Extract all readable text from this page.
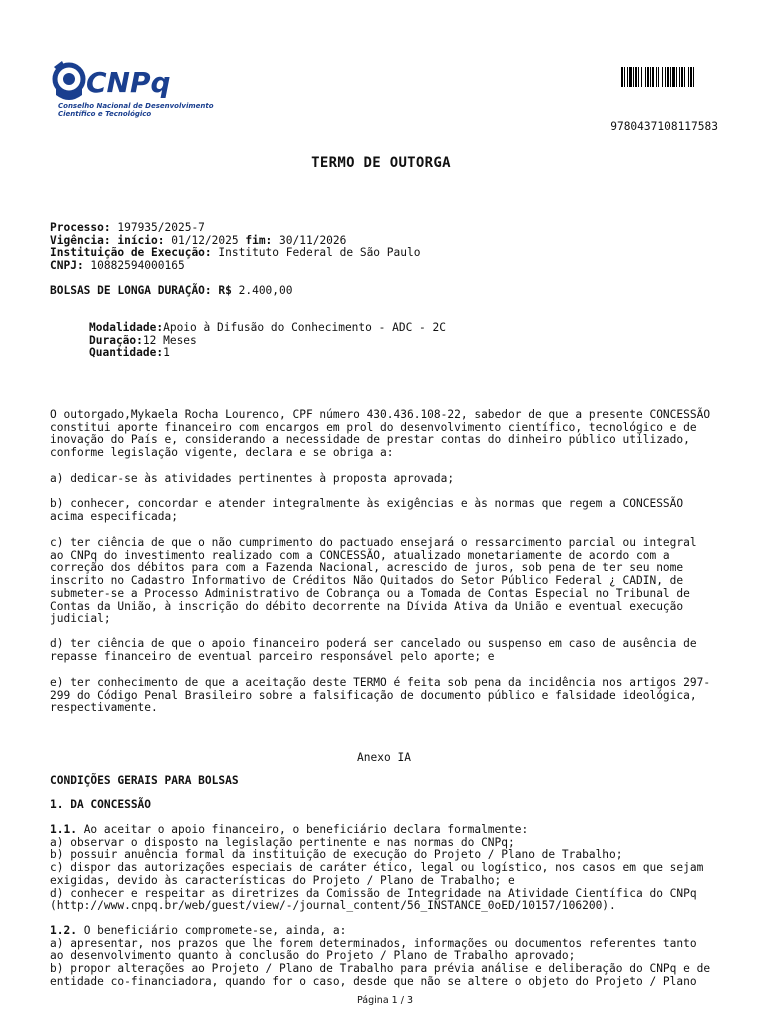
CNPq
Conselho Nacional de Desenvolvimento
Científico e Tecnológico
9780437108117583
TERMO DE OUTORGA
Processo: 197935/2025-7
Vigência: início: 01/12/2025 fim: 30/11/2026
Instituição de Execução: Instituto Federal de São Paulo
CNPJ: 10882594000165
BOLSAS DE LONGA DURAÇÃO: R$ 2.400,00
Modalidade:Apoio à Difusão do Conhecimento - ADC - 2C
Duração:12 Meses
Quantidade:1
O outorgado,Mykaela Rocha Lourenco, CPF número 430.436.108-22, sabedor de que a presente CONCESSÃO
constitui aporte financeiro com encargos em prol do desenvolvimento científico, tecnológico e de
inovação do País e, considerando a necessidade de prestar contas do dinheiro público utilizado,
conforme legislação vigente, declara e se obriga a:
a) dedicar-se às atividades pertinentes à proposta aprovada;
b) conhecer, concordar e atender integralmente às exigências e às normas que regem a CONCESSÃO
acima especificada;
c) ter ciência de que o não cumprimento do pactuado ensejará o ressarcimento parcial ou integral
ao CNPq do investimento realizado com a CONCESSÃO, atualizado monetariamente de acordo com a
correção dos débitos para com a Fazenda Nacional, acrescido de juros, sob pena de ter seu nome
inscrito no Cadastro Informativo de Créditos Não Quitados do Setor Público Federal ¿ CADIN, de
submeter-se a Processo Administrativo de Cobrança ou a Tomada de Contas Especial no Tribunal de
Contas da União, à inscrição do débito decorrente na Dívida Ativa da União e eventual execução
judicial;
d) ter ciência de que o apoio financeiro poderá ser cancelado ou suspenso em caso de ausência de
repasse financeiro de eventual parceiro responsável pelo aporte; e
e) ter conhecimento de que a aceitação deste TERMO é feita sob pena da incidência nos artigos 297-
299 do Código Penal Brasileiro sobre a falsificação de documento público e falsidade ideológica,
respectivamente.
Anexo IA
CONDIÇÕES GERAIS PARA BOLSAS
1. DA CONCESSÃO
1.1. Ao aceitar o apoio financeiro, o beneficiário declara formalmente:
a) observar o disposto na legislação pertinente e nas normas do CNPq;
b) possuir anuência formal da instituição de execução do Projeto / Plano de Trabalho;
c) dispor das autorizações especiais de caráter ético, legal ou logístico, nos casos em que sejam
exigidas, devido às características do Projeto / Plano de Trabalho; e
d) conhecer e respeitar as diretrizes da Comissão de Integridade na Atividade Científica do CNPq
(http://www.cnpq.br/web/guest/view/-/journal_content/56_INSTANCE_0oED/10157/106200).
1.2. O beneficiário compromete-se, ainda, a:
a) apresentar, nos prazos que lhe forem determinados, informações ou documentos referentes tanto
ao desenvolvimento quanto à conclusão do Projeto / Plano de Trabalho aprovado;
b) propor alterações ao Projeto / Plano de Trabalho para prévia análise e deliberação do CNPq e de
entidade co-financiadora, quando for o caso, desde que não se altere o objeto do Projeto / Plano
Página 1 / 3
